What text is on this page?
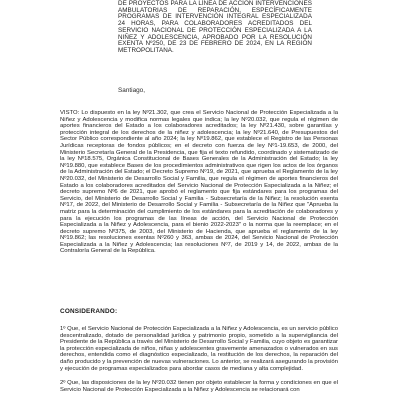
DE PROYECTOS PARA LA LÍNEA DE ACCIÓN INTERVENCIONES AMBULATORIAS DE REPARACIÓN, ESPECÍFICAMENTE PROGRAMAS DE INTERVENCIÓN INTEGRAL ESPECIALIZADA 24 HORAS, PARA COLABORADORES ACREDITADOS DEL SERVICIO NACIONAL DE PROTECCIÓN ESPECIALIZADA A LA NIÑEZ Y ADOLESCENCIA, APROBADO POR LA RESOLUCIÓN EXENTA Nº250, DE 23 DE FEBRERO DE 2024, EN LA REGIÓN METROPOLITANA.
Santiago,
VISTO: Lo dispuesto en la ley Nº21.302, que crea el Servicio Nacional de Protección Especializada a la Niñez y Adolescencia y modifica normas legales que indica; la ley Nº20.032, que regula el régimen de aportes financieros del Estado a los colaboradores acreditados; la ley Nº21.430, sobre garantías y protección integral de los derechos de la niñez y adolescencia; la ley Nº21.640, de Presupuestos del Sector Público correspondiente al año 2024; la ley Nº19.862, que establece el Registro de las Personas Jurídicas receptoras de fondos públicos; en el decreto con fuerza de ley Nº1-19.653, de 2000, del Ministerio Secretaría General de la Presidencia, que fija el texto refundido, coordinado y sistematizado de la ley Nº18.575, Orgánica Constitucional de Bases Generales de la Administración del Estado; la ley Nº19.880, que establece Bases de los procedimientos administrativos que rigen los actos de los órganos de la Administración del Estado; el Decreto Supremo Nº19, de 2021, que aprueba el Reglamento de la ley Nº20.032, del Ministerio de Desarrollo Social y Familia, que regula el régimen de aportes financieros del Estado a los colaboradores acreditados del Servicio Nacional de Protección Especializada a la Niñez; el decreto supremo Nº6 de 2021, que aprobó el reglamento que fija estándares para los programas del Servicio, del Ministerio de Desarrollo Social y Familia - Subsecretaría de la Niñez; la resolución exenta Nº17, de 2022, del Ministerio de Desarrollo Social y Familia - Subsecretaría de la Niñez que "Aprueba la matriz para la determinación del cumplimiento de los estándares para la acreditación de colaboradores y para la ejecución los programas de las líneas de acción, del Servicio Nacional de Protección Especializada a la Niñez y Adolescencia, para el bienio 2022-2023" o la norma que la reemplace; en el decreto supremo Nº375, de 2003, del Ministerio de Hacienda, que aprueba el reglamento de la ley Nº19.862; las resoluciones exentas Nº260 y 363, ambas de 2024, del Servicio Nacional de Protección Especializada a la Niñez y Adolescencia; las resoluciones Nº7, de 2019 y 14, de 2022, ambas de la Contraloría General de la República.
CONSIDERANDO:
1º Que, el Servicio Nacional de Protección Especializada a la Niñez y Adolescencia, es un servicio público descentralizado, dotado de personalidad jurídica y patrimonio propio, sometido a la supervigilancia del Presidente de la República a través del Ministerio de Desarrollo Social y Familia, cuyo objeto es garantizar la protección especializada de niños, niñas y adolescentes gravemente amenazados o vulnerados en sus derechos, entendida como el diagnóstico especializado, la restitución de los derechos, la reparación del daño producido y la prevención de nuevas vulneraciones. Lo anterior, se realizará asegurando la provisión y ejecución de programas especializados para abordar casos de mediana y alta complejidad.
2º Que, las disposiciones de la ley Nº20.032 tienen por objeto establecer la forma y condiciones en que el Servicio Nacional de Protección Especializada a la Niñez y Adolescencia se relacionará con
